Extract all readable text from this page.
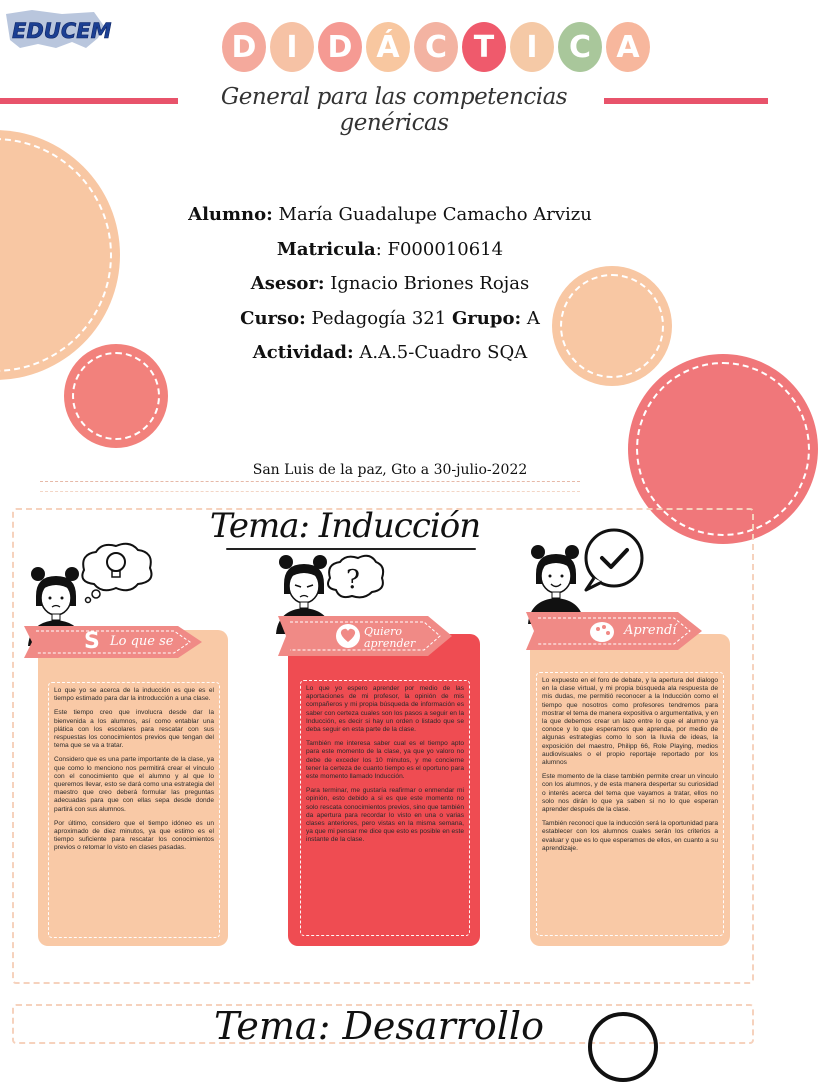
EDUCEM	D I D Á C T	I	C A
General para las competencias genéricas
Alumno: María Guadalupe Camacho Arvizu
Matricula: F000010614
Asesor: Ignacio Briones Rojas
Curso: Pedagogía 321 Grupo: A
Actividad: A.A.5-Cuadro SQA
San Luis de la paz, Gto a 30-julio-2022
Tema: Inducción
?

Lo que yo se acerca de la inducción es que es el tiempo estimado para dar la introducción a una clase.

Este tiempo creo que involucra desde dar la bienvenida a los alumnos, así como entablar una plática con los escolares para rescatar con sus respuestas los conocimientos previos que tengan del tema que se va a tratar.

Considero que es una parte importante de la clase, ya que como lo menciono nos permitirá crear el vínculo con el conocimiento que el alumno y al que lo queremos llevar, esto se dará como una estrategia del maestro que creo deberá formular las preguntas adecuadas para que con ellas sepa desde donde partirá con sus alumnos.

Por último, considero que el tiempo idóneo es un aproximado de diez minutos, ya que estimo es el tiempo suficiente para rescatar los conocimientos previos o retomar lo visto en clases pasadas.

Lo que yo espero aprender por medio de las aportaciones de mi profesor, la opinión de mis compañeros y mi propia búsqueda de información es saber con certeza cuales son los pasos a seguir en la Inducción, es decir si hay un orden o listado que se deba seguir en esta parte de la clase.

También me interesa saber cual es el tiempo apto para este momento de la clase, ya que yo valoro no debe de exceder los 10 minutos, y me concierne tener la certeza de cuanto tiempo es el oportuno para este momento llamado Inducción.

Para terminar, me gustaría reafirmar o enmendar mi opinión, esto debido a si es que este momento no solo rescata conocimientos previos, sino que también da apertura para recordar lo visto en una o varias clases anteriores, pero vistas en la misma semana, ya que mi pensar me dice que esto es posible en este instante de la clase.

Lo expuesto en el foro de debate, y la apertura del dialogo en la clase virtual, y mi propia búsqueda ala respuesta de mis dudas, me permitió reconocer a la Inducción como el tiempo que nosotros como profesores tendremos para mostrar el tema de manera expositiva o argumentativa, y en la que debemos crear un lazo entre lo que el alumno ya conoce y lo que esperamos que aprenda, por medio de algunas estrategias como lo son la lluvia de ideas, la exposición del maestro, Philipp 66, Role Playing, medios audiovisuales o el propio reportaje reportado por los alumnos

Este momento de la clase también permite crear un vínculo con los alumnos, y de esta manera despertar su curiosidad o interés acerca del tema que vayamos a tratar, ellos no solo nos dirán lo que ya saben si no lo que esperan aprender después de la clase.

También reconocí que la inducción será la oportunidad para establecer con los alumnos cuales serán los criterios a evaluar y que es lo que esperamos de ellos, en cuanto a su aprendizaje.

S Lo que se
Quiero aprender
Aprendí
Tema: Desarrollo
